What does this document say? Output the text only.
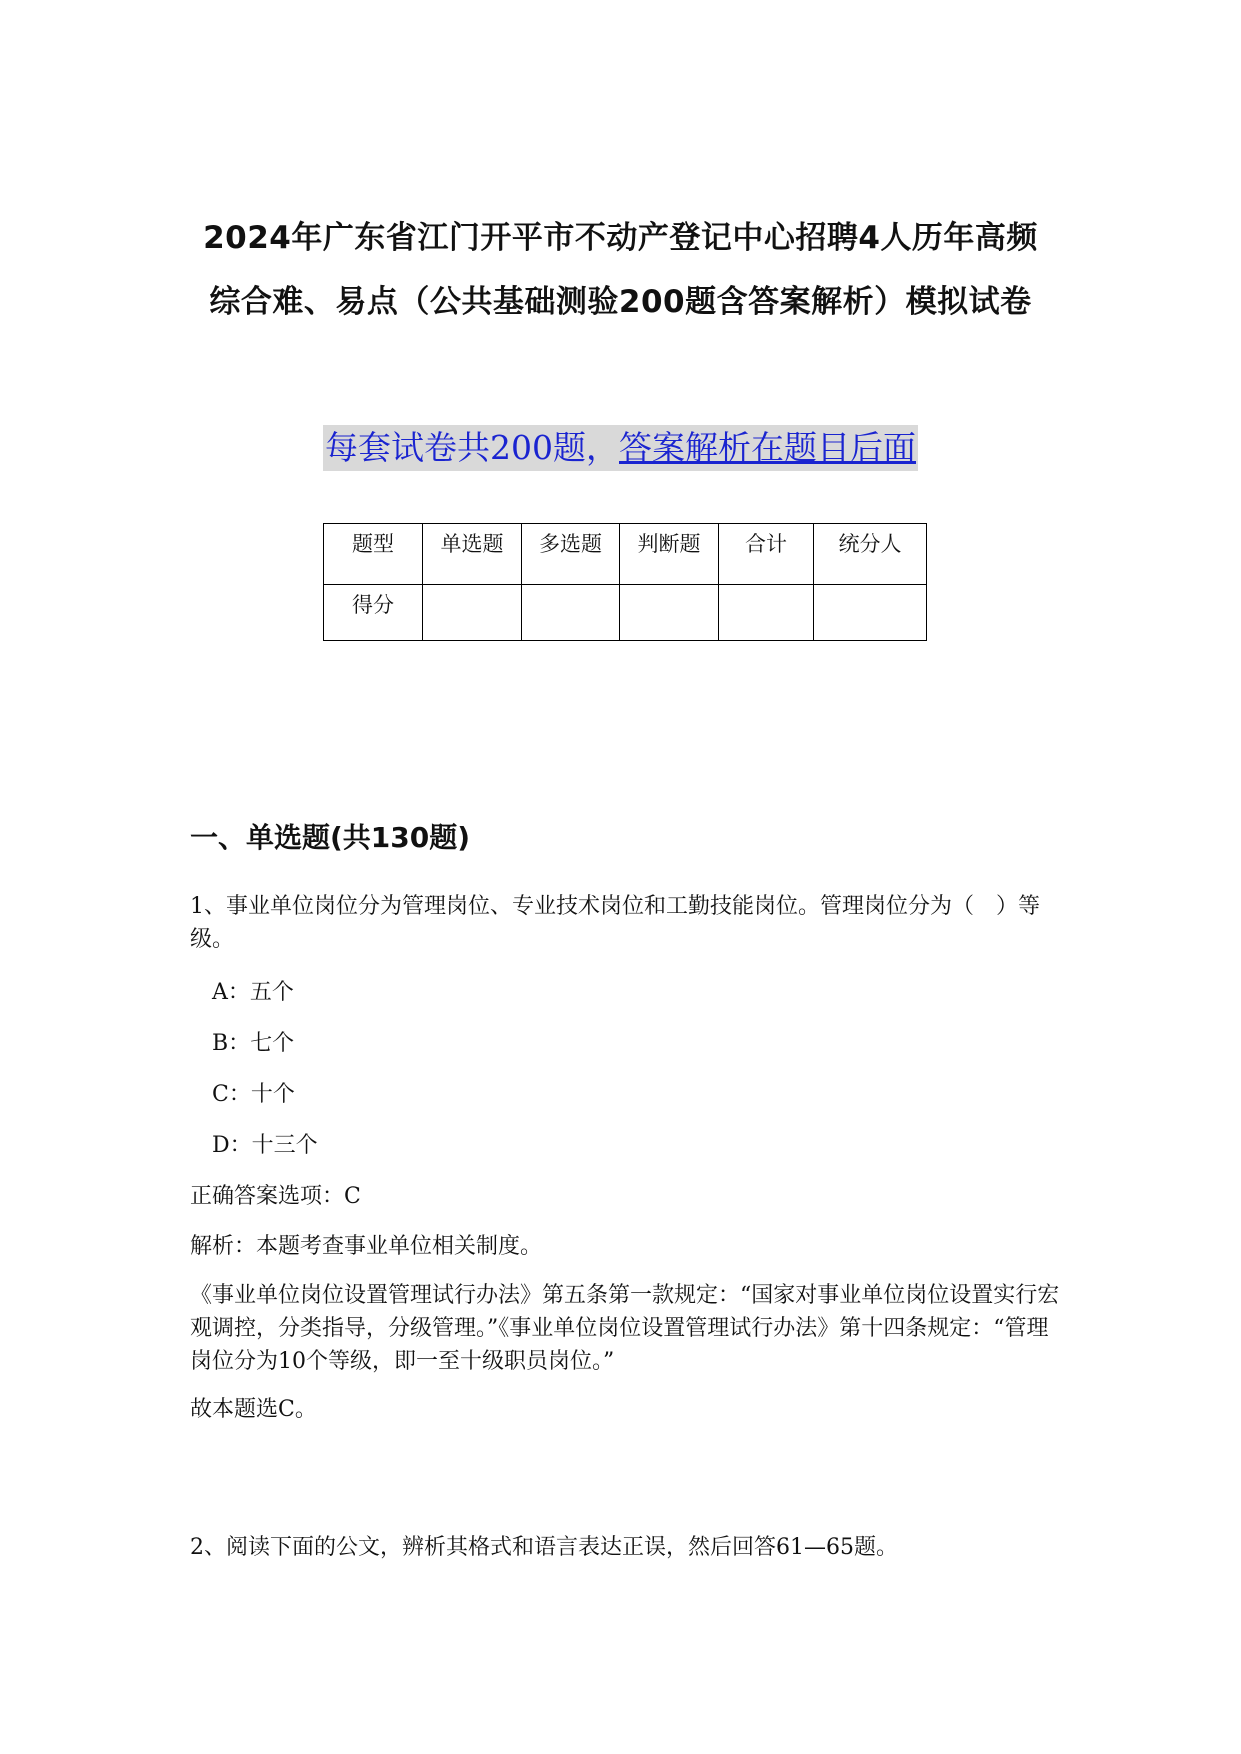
2024年广东省江门开平市不动产登记中心招聘4人历年高频
综合难、易点（公共基础测验200题含答案解析）模拟试卷
每套试卷共200题，答案解析在题目后面
题型	单选题	多选题	判断题	合计	统分人
得分					
一、单选题(共130题)
1、事业单位岗位分为管理岗位、专业技术岗位和工勤技能岗位。管理岗位分为（　）等级。
A：五个
B：七个
C：十个
D：十三个
正确答案选项：C
解析：本题考查事业单位相关制度。
《事业单位岗位设置管理试行办法》第五条第一款规定：“国家对事业单位岗位设置实行宏观调控，分类指导，分级管理。”《事业单位岗位设置管理试行办法》第十四条规定：“管理岗位分为10个等级，即一至十级职员岗位。”
故本题选C。
2、阅读下面的公文，辨析其格式和语言表达正误，然后回答61—65题。
